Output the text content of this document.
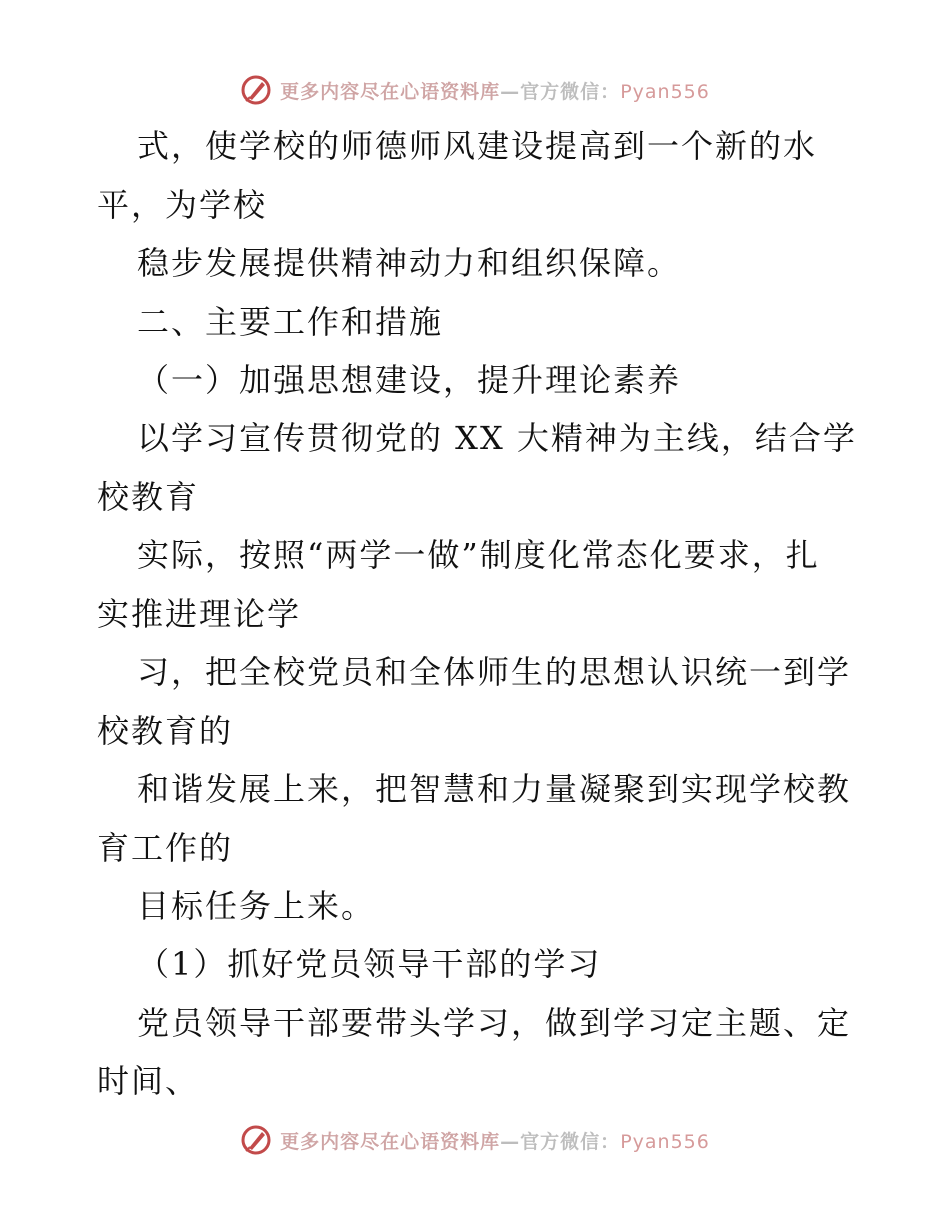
更多内容尽在心语资料库—官方微信：Pyan556
式，使学校的师德师风建设提高到一个新的水
平，为学校
稳步发展提供精神动力和组织保障。
二、主要工作和措施
（一）加强思想建设，提升理论素养
以学习宣传贯彻党的 XX 大精神为主线，结合学
校教育
实际，按照“两学一做”制度化常态化要求，扎
实推进理论学
习，把全校党员和全体师生的思想认识统一到学
校教育的
和谐发展上来，把智慧和力量凝聚到实现学校教
育工作的
目标任务上来。
（1）抓好党员领导干部的学习
党员领导干部要带头学习，做到学习定主题、定
时间、
更多内容尽在心语资料库—官方微信：Pyan556
